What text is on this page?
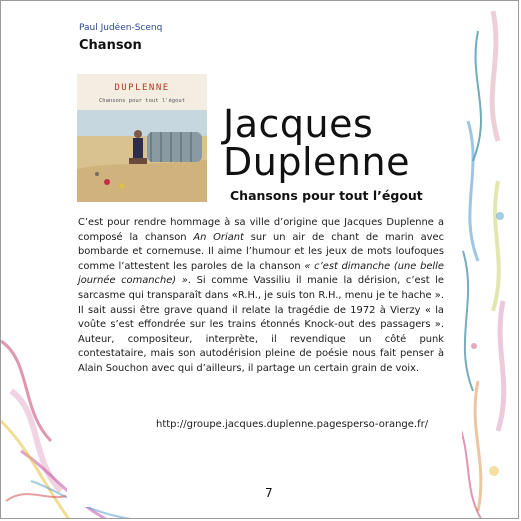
Paul Judéen-Scenq
Chanson
DUPLENNE
Chansons pour tout l'égout
Jacques
Duplenne
Chansons pour tout l’égout
C’est pour rendre hommage à sa ville d’origine que Jacques Duplenne a composé la chanson An Oriant sur un air de chant de marin avec bombarde et cornemuse. Il aime l’humour et les jeux de mots loufoques comme l’attestent les paroles de la chanson « c’est dimanche (une belle journée comanche) ». Si comme Vassiliu il manie la dérision, c’est le sarcasme qui transparaît dans «R.H., je suis ton R.H., menu je te hache ». Il sait aussi être grave quand il relate la tragédie de 1972 à Vierzy « la voûte s’est effondrée sur les trains étonnés Knock-out des passagers ». Auteur, compositeur, interprète, il revendique un côté punk contestataire, mais son autodérision pleine de poésie nous fait penser à Alain Souchon avec qui d’ailleurs, il partage un certain grain de voix.
http://groupe.jacques.duplenne.pagesperso-orange.fr/
7
